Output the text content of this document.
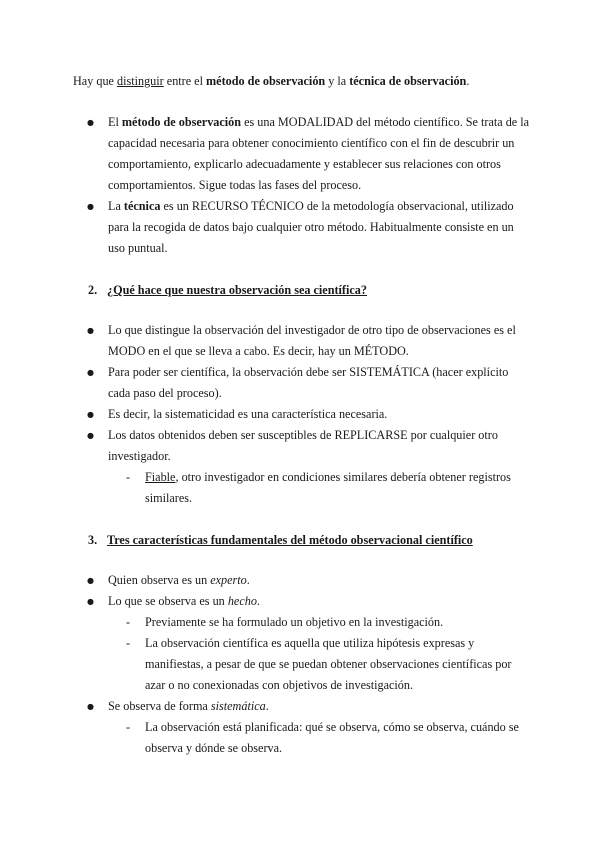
Hay que distinguir entre el método de observación y la técnica de observación.

● El método de observación es una MODALIDAD del método científico. Se trata de la capacidad necesaria para obtener conocimiento científico con el fin de descubrir un comportamiento, explicarlo adecuadamente y establecer sus relaciones con otros comportamientos. Sigue todas las fases del proceso.
● La técnica es un RECURSO TÉCNICO de la metodología observacional, utilizado para la recogida de datos bajo cualquier otro método. Habitualmente consiste en un uso puntual.
2. ¿Qué hace que nuestra observación sea científica?
● Lo que distingue la observación del investigador de otro tipo de observaciones es el MODO en el que se lleva a cabo. Es decir, hay un MÉTODO.
● Para poder ser científica, la observación debe ser SISTEMÁTICA (hacer explícito cada paso del proceso).
● Es decir, la sistematicidad es una característica necesaria.
● Los datos obtenidos deben ser susceptibles de REPLICARSE por cualquier otro investigador.
- Fiable, otro investigador en condiciones similares debería obtener registros similares.
3. Tres características fundamentales del método observacional científico
● Quien observa es un experto.
● Lo que se observa es un hecho.
- Previamente se ha formulado un objetivo en la investigación.
- La observación científica es aquella que utiliza hipótesis expresas y manifiestas, a pesar de que se puedan obtener observaciones científicas por azar o no conexionadas con objetivos de investigación.
● Se observa de forma sistemática.
- La observación está planificada: qué se observa, cómo se observa, cuándo se observa y dónde se observa.
